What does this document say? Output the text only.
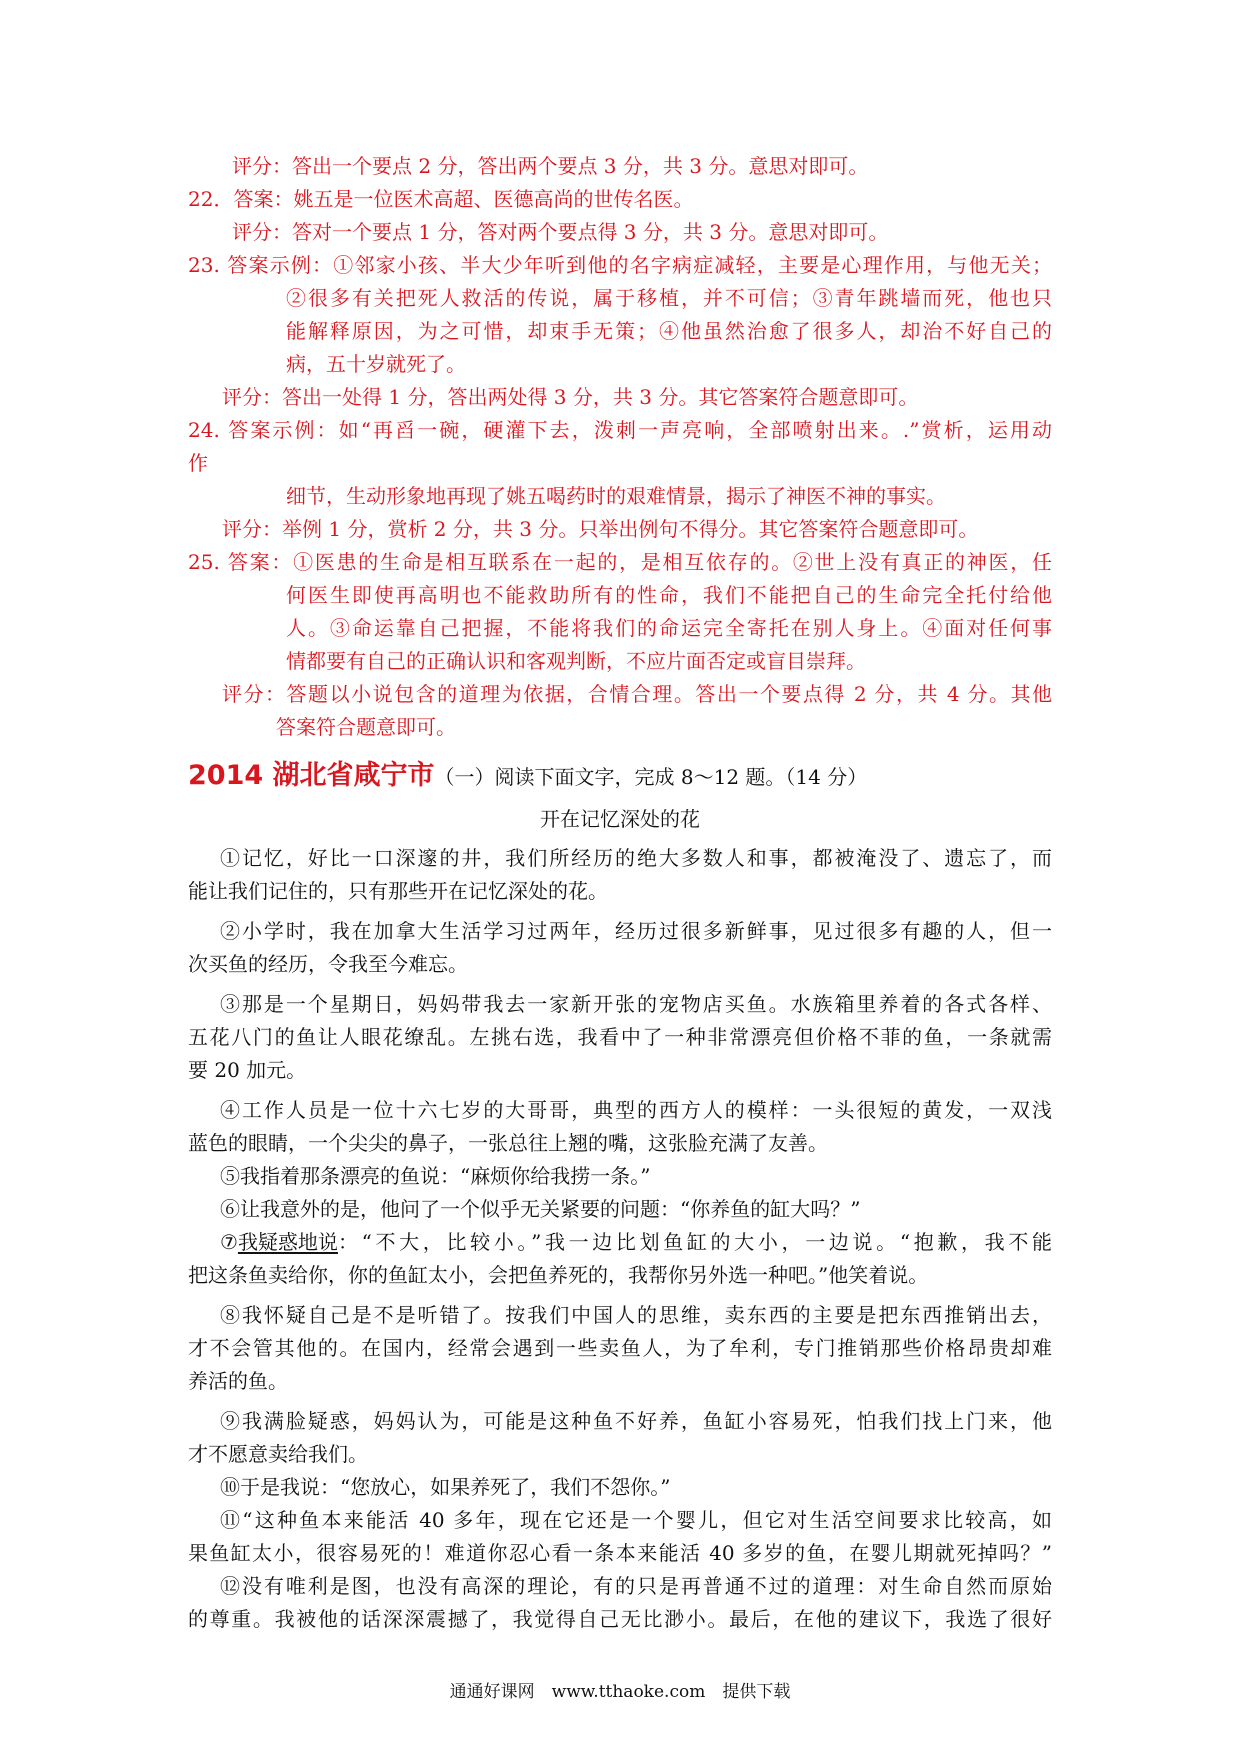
评分：答出一个要点 2 分，答出两个要点 3 分，共 3 分。意思对即可。
22．答案：姚五是一位医术高超、医德高尚的世传名医。
评分：答对一个要点 1 分，答对两个要点得 3 分，共 3 分。意思对即可。
23. 答案示例：①邻家小孩、半大少年听到他的名字病症减轻，主要是心理作用，与他无关；
②很多有关把死人救活的传说，属于移植，并不可信；③青年跳墙而死，他也只
能解释原因，为之可惜，却束手无策；④他虽然治愈了很多人，却治不好自己的
病，五十岁就死了。
评分：答出一处得 1 分，答出两处得 3 分，共 3 分。其它答案符合题意即可。
24. 答案示例：如“再舀一碗，硬灌下去，泼刺一声亮响，全部喷射出来。.”赏析，运用动
作
细节，生动形象地再现了姚五喝药时的艰难情景，揭示了神医不神的事实。
评分：举例 1 分，赏析 2 分，共 3 分。只举出例句不得分。其它答案符合题意即可。
25. 答案：①医患的生命是相互联系在一起的，是相互依存的。②世上没有真正的神医，任
何医生即使再高明也不能救助所有的性命，我们不能把自己的生命完全托付给他
人。③命运靠自己把握，不能将我们的命运完全寄托在别人身上。④面对任何事
情都要有自己的正确认识和客观判断，不应片面否定或盲目崇拜。
评分：答题以小说包含的道理为依据，合情合理。答出一个要点得 2 分，共 4 分。其他
答案符合题意即可。
2014 湖北省咸宁市（一）阅读下面文字，完成 8～12 题。（14 分）
开在记忆深处的花
①记忆，好比一口深邃的井，我们所经历的绝大多数人和事，都被淹没了、遗忘了，而
能让我们记住的，只有那些开在记忆深处的花。
②小学时，我在加拿大生活学习过两年，经历过很多新鲜事，见过很多有趣的人，但一
次买鱼的经历，令我至今难忘。
③那是一个星期日，妈妈带我去一家新开张的宠物店买鱼。水族箱里养着的各式各样、
五花八门的鱼让人眼花缭乱。左挑右选，我看中了一种非常漂亮但价格不菲的鱼，一条就需
要 20 加元。
④工作人员是一位十六七岁的大哥哥，典型的西方人的模样：一头很短的黄发，一双浅
蓝色的眼睛，一个尖尖的鼻子，一张总往上翘的嘴，这张脸充满了友善。
⑤我指着那条漂亮的鱼说：“麻烦你给我捞一条。”
⑥让我意外的是，他问了一个似乎无关紧要的问题：“你养鱼的缸大吗？”
⑦ 我疑惑地说 ：“不大，比较小。”我一边比划鱼缸的大小，一边说。“抱歉，我不能
把这条鱼卖给你，你的鱼缸太小，会把鱼养死的，我帮你另外选一种吧。”他笑着说。
⑧我怀疑自己是不是听错了。按我们中国人的思维，卖东西的主要是把东西推销出去，
才不会管其他的。在国内，经常会遇到一些卖鱼人，为了牟利，专门推销那些价格昂贵却难
养活的鱼。
⑨我满脸疑惑，妈妈认为，可能是这种鱼不好养，鱼缸小容易死，怕我们找上门来，他
才不愿意卖给我们。
⑩于是我说：“您放心，如果养死了，我们不怨你。”
⑪“这种鱼本来能活 40 多年，现在它还是一个婴儿，但它对生活空间要求比较高，如
果鱼缸太小，很容易死的！难道你忍心看一条本来能活 40 多岁的鱼，在婴儿期就死掉吗？”
⑫没有唯利是图，也没有高深的理论，有的只是再普通不过的道理：对生命自然而原始
的尊重。我被他的话深深震撼了，我觉得自己无比渺小。最后，在他的建议下，我选了很好
通通好课网　www.tthaoke.com　提供下载
